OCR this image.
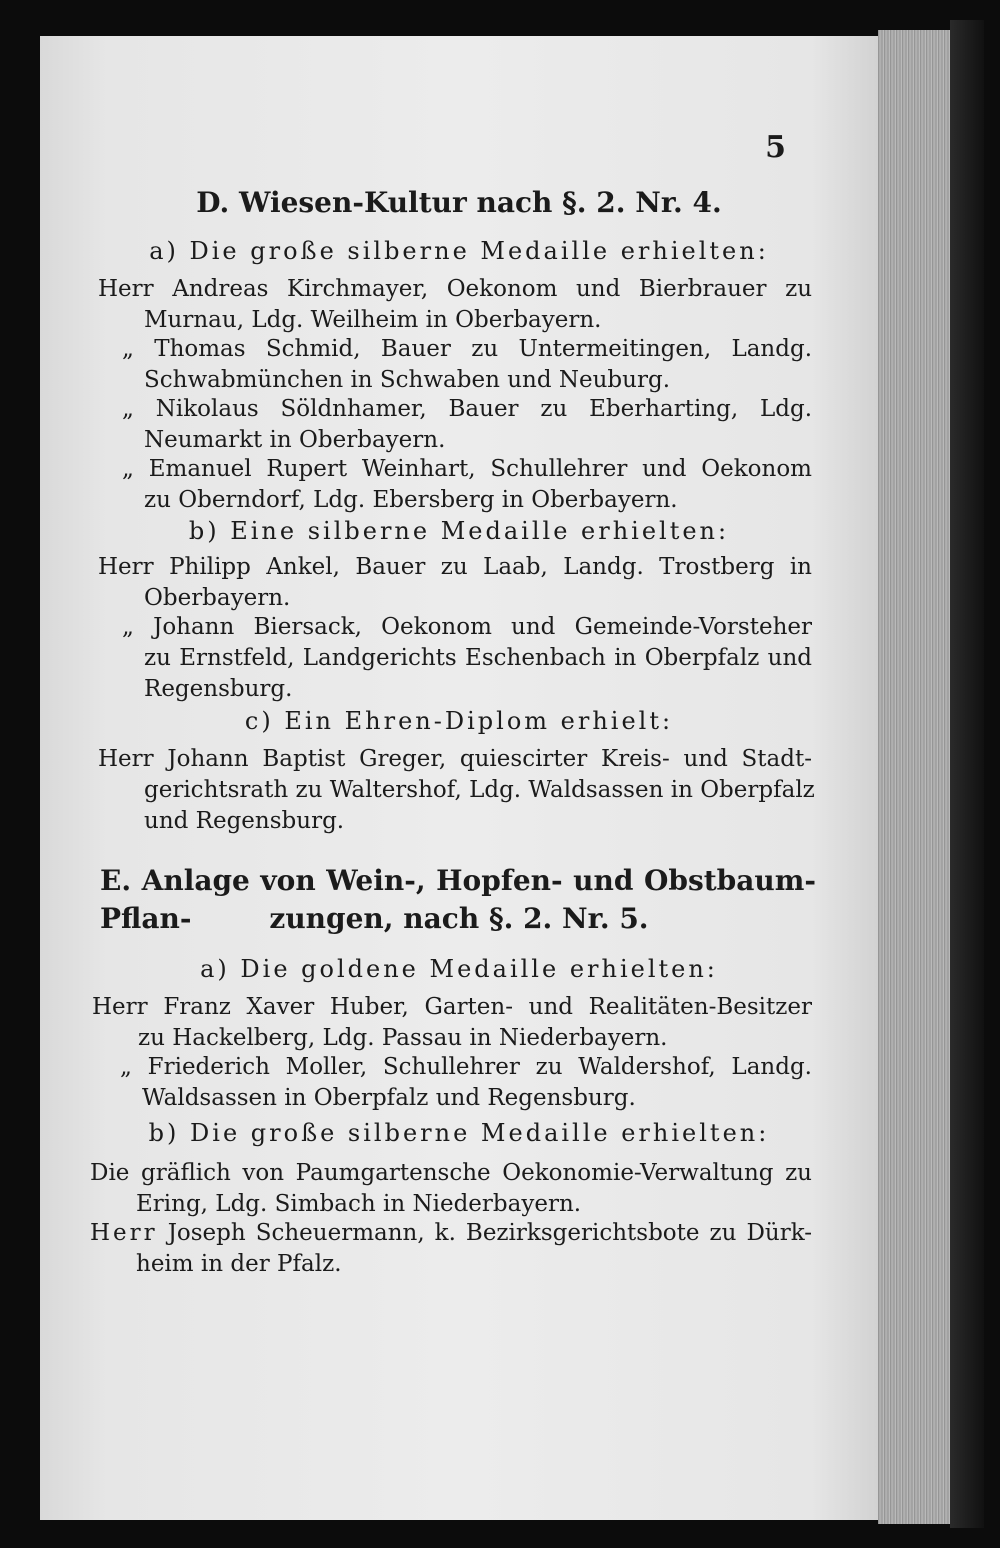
5
D. Wiesen-Kultur nach §. 2. Nr. 4.
a) Die große silberne Medaille erhielten:
Herr Andreas Kirchmayer, Oekonom und Bierbrauer zu
Murnau, Ldg. Weilheim in Oberbayern.
„ Thomas Schmid, Bauer zu Untermeitingen, Landg.
Schwabmünchen in Schwaben und Neuburg.
„ Nikolaus Söldnhamer, Bauer zu Eberharting, Ldg.
Neumarkt in Oberbayern.
„ Emanuel Rupert Weinhart, Schullehrer und Oekonom
zu Oberndorf, Ldg. Ebersberg in Oberbayern.
b) Eine silberne Medaille erhielten:
Herr Philipp Ankel, Bauer zu Laab, Landg. Trostberg in
Oberbayern.
„ Johann Biersack, Oekonom und Gemeinde-Vorsteher
zu Ernstfeld, Landgerichts Eschenbach in Oberpfalz und
Regensburg.
c) Ein Ehren-Diplom erhielt:
Herr Johann Baptist Greger, quiescirter Kreis- und Stadt-
gerichtsrath zu Waltershof, Ldg. Waldsassen in Oberpfalz
und Regensburg.
E. Anlage von Wein-, Hopfen- und Obstbaum-Pflan-	zungen, nach §. 2. Nr. 5.
a) Die goldene Medaille erhielten:
Herr Franz Xaver Huber, Garten- und Realitäten-Besitzer
zu Hackelberg, Ldg. Passau in Niederbayern.
„ Friederich Moller, Schullehrer zu Waldershof, Landg.
Waldsassen in Oberpfalz und Regensburg.
b) Die große silberne Medaille erhielten:
Die gräflich von Paumgartensche Oekonomie-Verwaltung zu
Ering, Ldg. Simbach in Niederbayern.
Herr Joseph Scheuermann, k. Bezirksgerichtsbote zu Dürk-
heim in der Pfalz.
